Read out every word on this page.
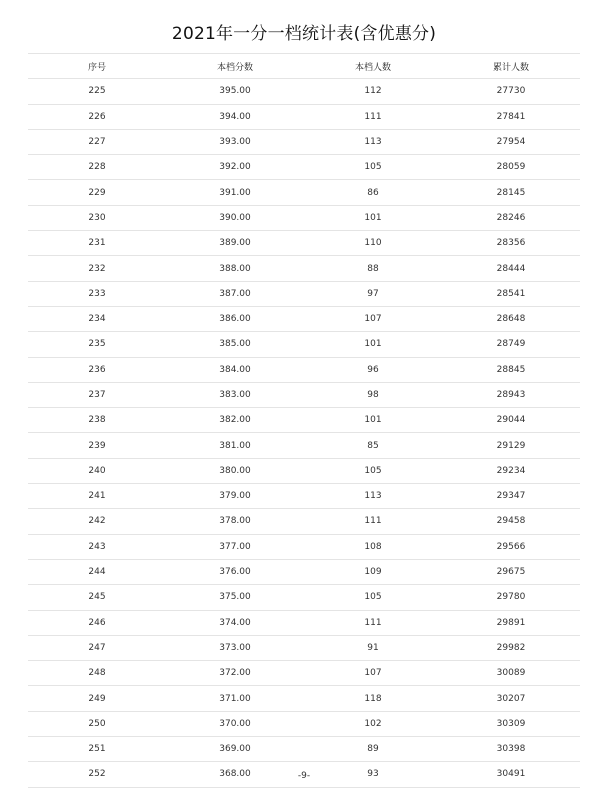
2021年一分一档统计表(含优惠分)
序号	本档分数	本档人数	累计人数
225	395.00	112	27730
226	394.00	111	27841
227	393.00	113	27954
228	392.00	105	28059
229	391.00	86	28145
230	390.00	101	28246
231	389.00	110	28356
232	388.00	88	28444
233	387.00	97	28541
234	386.00	107	28648
235	385.00	101	28749
236	384.00	96	28845
237	383.00	98	28943
238	382.00	101	29044
239	381.00	85	29129
240	380.00	105	29234
241	379.00	113	29347
242	378.00	111	29458
243	377.00	108	29566
244	376.00	109	29675
245	375.00	105	29780
246	374.00	111	29891
247	373.00	91	29982
248	372.00	107	30089
249	371.00	118	30207
250	370.00	102	30309
251	369.00	89	30398
252	368.00	93	30491
-9-
